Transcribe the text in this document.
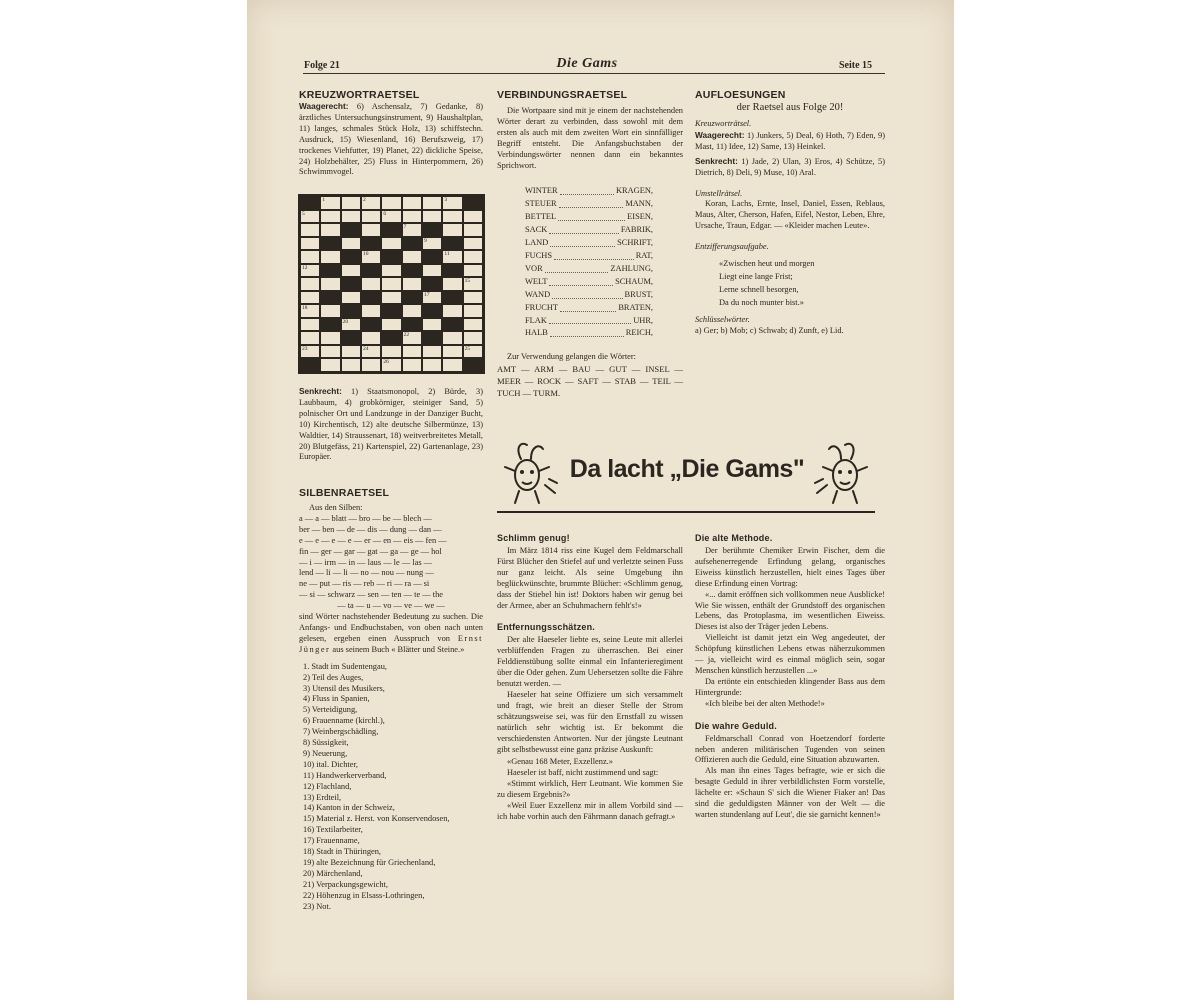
Folge 21	Die Gams	Seite 15

KREUZWORTRAETSEL

Waagerecht: 6) Aschensalz, 7) Gedanke, 8) ärztliches Untersuchungsinstrument, 9) Haushaltplan, 11) langes, schmales Stück Holz, 13) schiffstechn. Ausdruck, 15) Wiesenland, 16) Berufszweig, 17) trockenes Viehfutter, 19) Planet, 22) dickliche Speise, 24) Holzbehälter, 25) Fluss in Hinterpommern, 26) Schwimmvogel.

1	2	3
5	6
7
9
10	11
12
15
17
18
20
22
23	24	25
26

Senkrecht: 1) Staatsmonopol, 2) Bürde, 3) Laubbaum, 4) grobkörniger, steiniger Sand, 5) polnischer Ort und Landzunge in der Danziger Bucht, 10) Kirchentisch, 12) alte deutsche Silbermünze, 13) Waldtier, 14) Straussenart, 18) weitverbreitetes Metall, 20) Blutgefäss, 21) Kartenspiel, 22) Gartenanlage, 23) Europäer.

SILBENRAETSEL

Aus den Silben:

a — a — blatt — bro — be — blech —

ber — ben — de — dis — dung — dan —

e — e — e — e — er — en — eis — fen —

fin — ger — gar — gat — ga — ge — hol

— i — irm — in — laus — le — las —

lend — li — li — no — nou — nung —

ne — put — ris — reb — ri — ra — si

— si — schwarz — sen — ten — te — the

— ta — u — vo — ve — we —

sind Wörter nachstehender Bedeutung zu suchen. Die Anfangs- und Endbuchstaben, von oben nach unten gelesen, ergeben einen Ausspruch von Ernst Jünger aus seinem Buch « Blätter und Steine.»

1. Stadt im Sudentengau,
2) Teil des Auges,
3) Utensil des Musikers,
4) Fluss in Spanien,
5) Verteidigung,
6) Frauenname (kirchl.),
7) Weinbergschädling,
8) Süssigkeit,
9) Neuerung,
10) ital. Dichter,
11) Handwerkerverband,
12) Flachland,
13) Erdteil,
14) Kanton in der Schweiz,
15) Material z. Herst. von Konservendosen,
16) Textilarbeiter,
17) Frauenname,
18) Stadt in Thüringen,
19) alte Bezeichnung für Griechenland,
20) Märchenland,
21) Verpackungsgewicht,
22) Höhenzug in Elsass-Lothringen,
23) Not.

VERBINDUNGSRAETSEL

Die Wortpaare sind mit je einem der nachstehenden Wörter derart zu verbinden, dass sowohl mit dem ersten als auch mit dem zweiten Wort ein sinnfälliger Begriff entsteht. Die Anfangsbuchstaben der Verbindungswörter nennen dann ein bekanntes Sprichwort.

WINTER	KRAGEN,
STEUER	MANN,
BETTEL	EISEN,
SACK	FABRIK,
LAND	SCHRIFT,
FUCHS	RAT,
VOR	ZAHLUNG,
WELT	SCHAUM,
WAND	BRUST,
FRUCHT	BRATEN,
FLAK	UHR,
HALB	REICH,

Zur Verwendung gelangen die Wörter:

AMT — ARM — BAU — GUT — INSEL — MEER — ROCK — SAFT — STAB — TEIL — TUCH — TURM.

AUFLOESUNGEN

der Raetsel aus Folge 20!

Kreuzworträtsel.

Waagerecht: 1) Junkers, 5) Deal, 6) Hoth, 7) Eden, 9) Mast, 11) Idee, 12) Same, 13) Heinkel.

Senkrecht: 1) Jade, 2) Ulan, 3) Eros, 4) Schütze, 5) Dietrich, 8) Deli, 9) Muse, 10) Aral.

Umstellrätsel.

Koran, Lachs, Ernte, Insel, Daniel, Essen, Reblaus, Maus, Alter, Cherson, Hafen, Eifel, Nestor, Leben, Ehre, Ursache, Traun, Edgar. — «Kleider machen Leute».

Entzifferungsaufgabe.

«Zwischen heut und morgen

Liegt eine lange Frist;

Lerne schnell besorgen,

Da du noch munter bist.»

Schlüsselwörter.

a) Ger; b) Mob; c) Schwab; d) Zunft, e) Lid.

Da lacht „Die Gams"

Schlimm genug!

Im März 1814 riss eine Kugel dem Feldmarschall Fürst Blücher den Stiefel auf und verletzte seinen Fuss nur ganz leicht. Als seine Umgebung ihn beglückwünschte, brummte Blücher: «Schlimm genug, dass der Stiebel hin ist! Doktors haben wir genug bei der Armee, aber an Schuhmachern fehlt's!»

Entfernungsschätzen.

Der alte Haeseler liebte es, seine Leute mit allerlei verblüffenden Fragen zu überraschen. Bei einer Felddienstübung sollte einmal ein Infanterieregiment über die Oder gehen. Zum Uebersetzen sollte die Fähre benutzt werden. —

Haeseler hat seine Offiziere um sich versammelt und fragt, wie breit an dieser Stelle der Strom schätzungsweise sei, was für den Ernstfall zu wissen natürlich sehr wichtig ist. Er bekommt die verschiedensten Antworten. Nur der jüngste Leutnant gibt selbstbewusst eine ganz präzise Auskunft:

«Genau 168 Meter, Exzellenz.»

Haeseler ist baff, nicht zustimmend und sagt:

«Stimmt wirklich, Herr Leutnant. Wie kommen Sie zu diesem Ergebnis?»

«Weil Euer Exzellenz mir in allem Vorbild sind — ich habe vorhin auch den Fährmann danach gefragt.»

Die alte Methode.

Der berühmte Chemiker Erwin Fischer, dem die aufsehenerregende Erfindung gelang, organisches Eiweiss künstlich herzustellen, hielt eines Tages über diese Erfindung einen Vortrag:

«... damit eröffnen sich vollkommen neue Ausblicke! Wie Sie wissen, enthält der Grundstoff des organischen Lebens, das Protoplasma, im wesentlichen Eiweiss. Dieses ist also der Träger jeden Lebens.

Vielleicht ist damit jetzt ein Weg angedeutet, der Schöpfung künstlichen Lebens etwas näherzukommen — ja, vielleicht wird es einmal möglich sein, sogar Menschen künstlich herzustellen ...»

Da ertönte ein entschieden klingender Bass aus dem Hintergrunde:

«Ich bleibe bei der alten Methode!»

Die wahre Geduld.

Feldmarschall Conrad von Hoetzendorf forderte neben anderen militärischen Tugenden von seinen Offizieren auch die Geduld, eine Situation abzuwarten.

Als man ihn eines Tages befragte, wie er sich die besagte Geduld in ihrer verbildlichsten Form vorstelle, lächelte er: «Schaun S' sich die Wiener Fiaker an! Das sind die geduldigsten Männer von der Welt — die warten stundenlang auf Leut', die sie garnicht kennen!»
